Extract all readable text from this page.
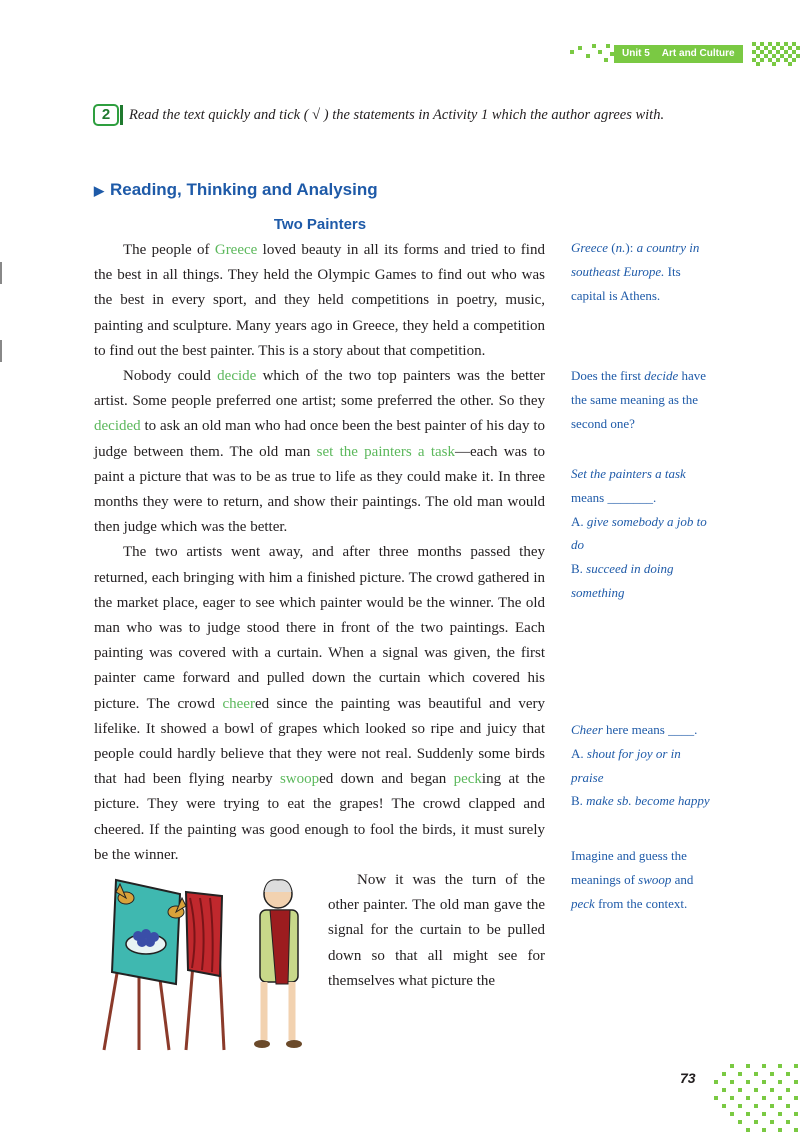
Unit 5 Art and Culture
2	Read the text quickly and tick ( √ ) the statements in Activity 1 which the author agrees with.
▶ Reading, Thinking and Analysing
Two Painters

The people of Greece loved beauty in all its forms and tried to find the best in all things. They held the Olympic Games to find out who was the best in every sport, and they held competitions in poetry, music, painting and sculpture. Many years ago in Greece, they held a competition to find out the best painter. This is a story about that competition.

Nobody could decide which of the two top painters was the better artist. Some people preferred one artist; some preferred the other. So they decided to ask an old man who had once been the best painter of his day to judge between them. The old man set the painters a task—each was to paint a picture that was to be as true to life as they could make it. In three months they were to return, and show their paintings. The old man would then judge which was the better.

The two artists went away, and after three months passed they returned, each bringing with him a finished picture. The crowd gathered in the market place, eager to see which painter would be the winner. The old man who was to judge stood there in front of the two paintings. Each painting was covered with a curtain. When a signal was given, the first painter came forward and pulled down the curtain which covered his picture. The crowd cheered since the painting was beautiful and very lifelike. It showed a bowl of grapes which looked so ripe and juicy that people could hardly believe that they were not real. Suddenly some birds that had been flying nearby swooped down and began pecking at the picture. They were trying to eat the grapes! The crowd clapped and cheered. If the painting was good enough to fool the birds, it must surely be the winner.

Now it was the turn of the other painter. The old man gave the signal for the curtain to be pulled down so that all might see for themselves what picture the

Greece (n.): a country in southeast Europe. Its capital is Athens.

Does the first decide have the same meaning as the second one?

Set the painters a task means _______.

A. give somebody a job to do

B. succeed in doing something

Cheer here means ____.

A. shout for joy or in praise

B. make sb. become happy

Imagine and guess the meanings of swoop and peck from the context.

73
